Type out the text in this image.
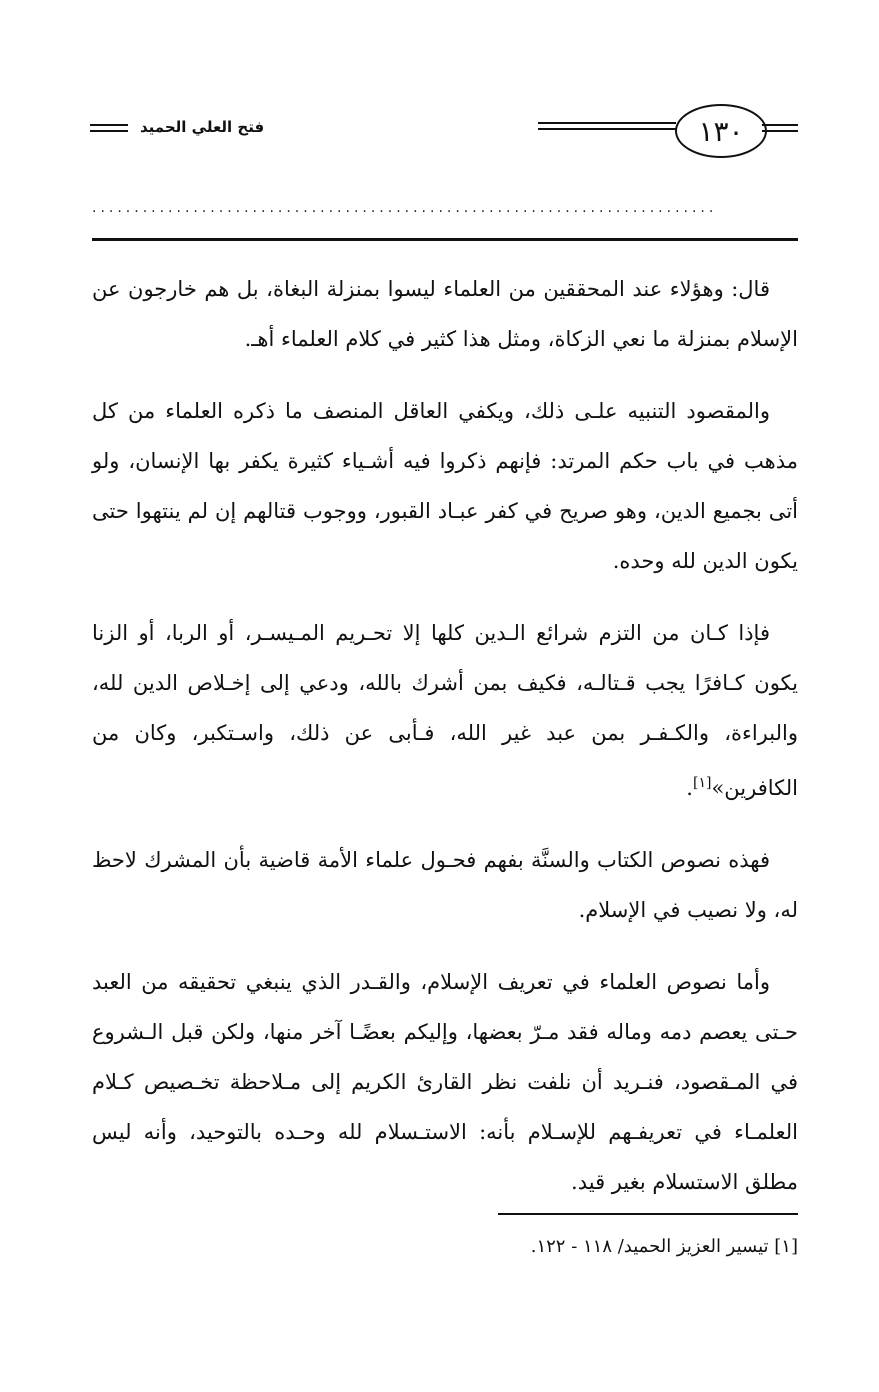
فتح العلي الحميد	١٣٠
..........................................................................

قال: وهؤلاء عند المحققين من العلماء ليسوا بمنزلة البغاة، بل هم خارجون عن الإسلام بمنزلة ما نعي الزكاة، ومثل هذا كثير في كلام العلماء أهـ.

والمقصود التنبيه علـى ذلك، ويكفي العاقل المنصف ما ذكره العلماء من كل مذهب في باب حكم المرتد: فإنهم ذكروا فيه أشـياء كثيرة يكفر بها الإنسان، ولو أتى بجميع الدين، وهو صريح في كفر عبـاد القبور، ووجوب قتالهم إن لم ينتهوا حتى يكون الدين لله وحده.

فإذا كـان من التزم شرائع الـدين كلها إلا تحـريم المـيسـر، أو الربا، أو الزنا يكون كـافرًا يجب قـتالـه، فكيف بمن أشرك بالله، ودعي إلى إخـلاص الدين لله، والبراءة، والكـفـر بمن عبد غير الله، فـأبى عن ذلك، واسـتكبر، وكان من الكافرين»[١].

فهذه نصوص الكتاب والسنَّة بفهم فحـول علماء الأمة قاضية بأن المشرك لاحظ له، ولا نصيب في الإسلام.

وأما نصوص العلماء في تعريف الإسلام، والقـدر الذي ينبغي تحقيقه من العبد حـتى يعصم دمه وماله فقد مـرّ بعضها، وإليكم بعضًـا آخر منها، ولكن قبل الـشروع في المـقصود، فنـريد أن نلفت نظر القارئ الكريم إلى مـلاحظة تخـصيص كـلام العلمـاء في تعريفـهم للإسـلام بأنه: الاستـسلام لله وحـده بالتوحيد، وأنه ليس مطلق الاستسلام بغير قيد.

[١] تيسير العزيز الحميد/ ١١٨ - ١٢٢.
